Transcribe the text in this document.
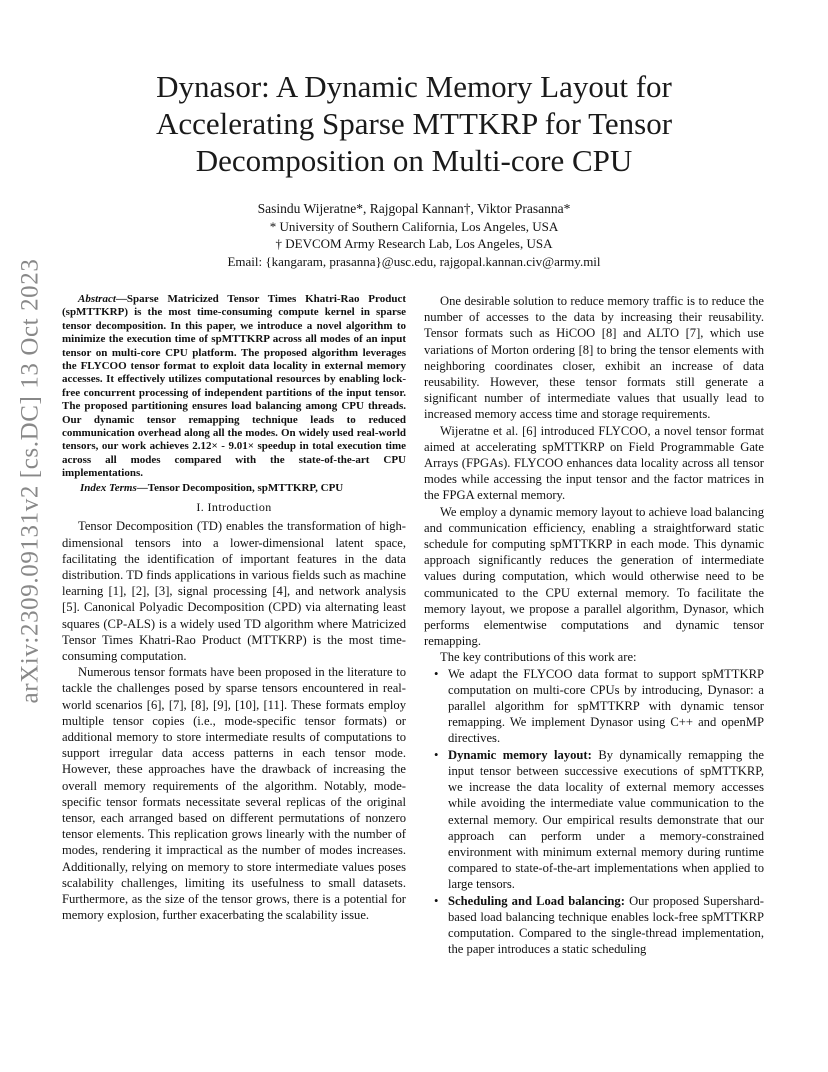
arXiv:2309.09131v2 [cs.DC] 13 Oct 2023
Dynasor: A Dynamic Memory Layout for
Accelerating Sparse MTTKRP for Tensor
Decomposition on Multi-core CPU
Sasindu Wijeratne*, Rajgopal Kannan†, Viktor Prasanna*
* University of Southern California, Los Angeles, USA
† DEVCOM Army Research Lab, Los Angeles, USA
Email: {kangaram, prasanna}@usc.edu, rajgopal.kannan.civ@army.mil
Abstract—Sparse Matricized Tensor Times Khatri-Rao Product (spMTTKRP) is the most time-consuming compute kernel in sparse tensor decomposition. In this paper, we introduce a novel algorithm to minimize the execution time of spMTTKRP across all modes of an input tensor on multi-core CPU platform. The proposed algorithm leverages the FLYCOO tensor format to exploit data locality in external memory accesses. It effectively utilizes computational resources by enabling lock-free concurrent processing of independent partitions of the input tensor. The proposed partitioning ensures load balancing among CPU threads. Our dynamic tensor remapping technique leads to reduced communication overhead along all the modes. On widely used real-world tensors, our work achieves 2.12× - 9.01× speedup in total execution time across all modes compared with the state-of-the-art CPU implementations.
Index Terms—Tensor Decomposition, spMTTKRP, CPU
I. Introduction

Tensor Decomposition (TD) enables the transformation of high-dimensional tensors into a lower-dimensional latent space, facilitating the identification of important features in the data distribution. TD finds applications in various fields such as machine learning [1], [2], [3], signal processing [4], and network analysis [5]. Canonical Polyadic Decomposition (CPD) via alternating least squares (CP-ALS) is a widely used TD algorithm where Matricized Tensor Times Khatri-Rao Product (MTTKRP) is the most time-consuming computation.

Numerous tensor formats have been proposed in the literature to tackle the challenges posed by sparse tensors encountered in real-world scenarios [6], [7], [8], [9], [10], [11]. These formats employ multiple tensor copies (i.e., mode-specific tensor formats) or additional memory to store intermediate results of computations to support irregular data access patterns in each tensor mode. However, these approaches have the drawback of increasing the overall memory requirements of the algorithm. Notably, mode-specific tensor formats necessitate several replicas of the original tensor, each arranged based on different permutations of nonzero tensor elements. This replication grows linearly with the number of modes, rendering it impractical as the number of modes increases. Additionally, relying on memory to store intermediate values poses scalability challenges, limiting its usefulness to small datasets. Furthermore, as the size of the tensor grows, there is a potential for memory explosion, further exacerbating the scalability issue.

One desirable solution to reduce memory traffic is to reduce the number of accesses to the data by increasing their reusability. Tensor formats such as HiCOO [8] and ALTO [7], which use variations of Morton ordering [8] to bring the tensor elements with neighboring coordinates closer, exhibit an increase of data reusability. However, these tensor formats still generate a significant number of intermediate values that usually lead to increased memory access time and storage requirements.

Wijeratne et al. [6] introduced FLYCOO, a novel tensor format aimed at accelerating spMTTKRP on Field Programmable Gate Arrays (FPGAs). FLYCOO enhances data locality across all tensor modes while accessing the input tensor and the factor matrices in the FPGA external memory.

We employ a dynamic memory layout to achieve load balancing and communication efficiency, enabling a straightforward static schedule for computing spMTTKRP in each mode. This dynamic approach significantly reduces the generation of intermediate values during computation, which would otherwise need to be communicated to the CPU external memory. To facilitate the memory layout, we propose a parallel algorithm, Dynasor, which performs elementwise computations and dynamic tensor remapping.

The key contributions of this work are:

• We adapt the FLYCOO data format to support spMTTKRP computation on multi-core CPUs by introducing, Dynasor: a parallel algorithm for spMTTKRP with dynamic tensor remapping. We implement Dynasor using C++ and openMP directives.
• Dynamic memory layout: By dynamically remapping the input tensor between successive executions of spMTTKRP, we increase the data locality of external memory accesses while avoiding the intermediate value communication to the external memory. Our empirical results demonstrate that our approach can perform under a memory-constrained environment with minimum external memory during runtime compared to state-of-the-art implementations when applied to large tensors.
• Scheduling and Load balancing: Our proposed Supershard-based load balancing technique enables lock-free spMTTKRP computation. Compared to the single-thread implementation, the paper introduces a static scheduling
